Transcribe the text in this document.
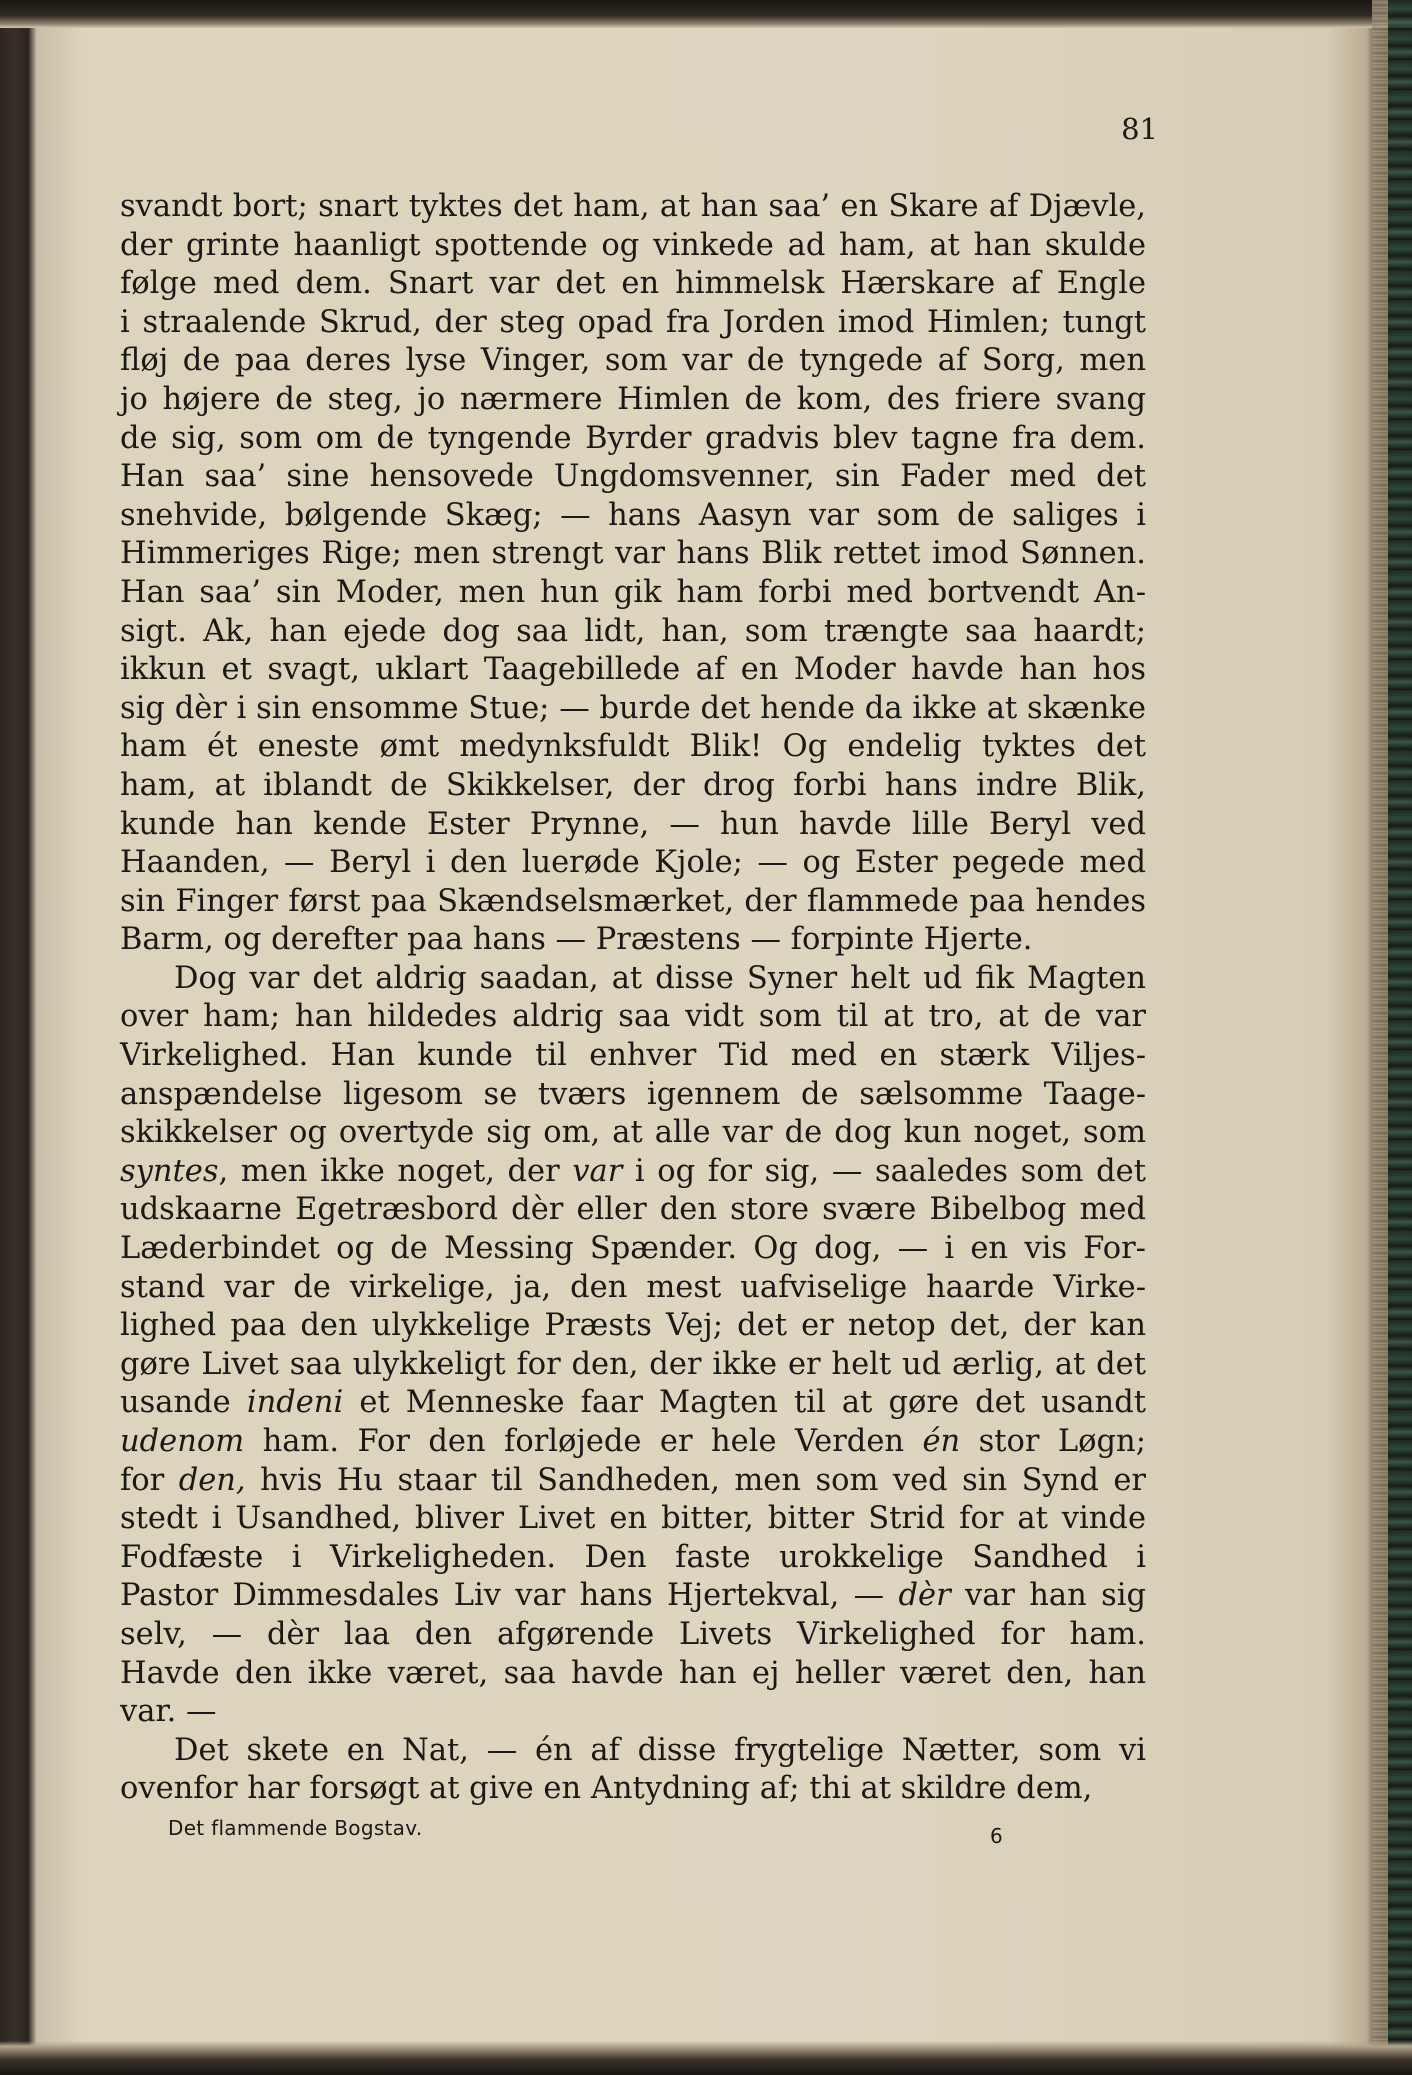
81
svandt bort; snart tyktes det ham, at han saa’ en Skare af Djævle,
der grinte haanligt spottende og vinkede ad ham, at han skulde
følge med dem. Snart var det en himmelsk Hærskare af Engle
i straalende Skrud, der steg opad fra Jorden imod Himlen; tungt
fløj de paa deres lyse Vinger, som var de tyngede af Sorg, men
jo højere de steg, jo nærmere Himlen de kom, des friere svang
de sig, som om de tyngende Byrder gradvis blev tagne fra dem.
Han saa’ sine hensovede Ungdomsvenner, sin Fader med det
snehvide, bølgende Skæg; — hans Aasyn var som de saliges i
Himmeriges Rige; men strengt var hans Blik rettet imod Sønnen.
Han saa’ sin Moder, men hun gik ham forbi med bortvendt An-
sigt. Ak, han ejede dog saa lidt, han, som trængte saa haardt;
ikkun et svagt, uklart Taagebillede af en Moder havde han hos
sig dèr i sin ensomme Stue; — burde det hende da ikke at skænke
ham ét eneste ømt medynksfuldt Blik! Og endelig tyktes det
ham, at iblandt de Skikkelser, der drog forbi hans indre Blik,
kunde han kende Ester Prynne, — hun havde lille Beryl ved
Haanden, — Beryl i den luerøde Kjole; — og Ester pegede med
sin Finger først paa Skændselsmærket, der flammede paa hendes
Barm, og derefter paa hans — Præstens — forpinte Hjerte.
Dog var det aldrig saadan, at disse Syner helt ud fik Magten
over ham; han hildedes aldrig saa vidt som til at tro, at de var
Virkelighed. Han kunde til enhver Tid med en stærk Viljes-
anspændelse ligesom se tværs igennem de sælsomme Taage-
skikkelser og overtyde sig om, at alle var de dog kun noget, som
syntes, men ikke noget, der var i og for sig, — saaledes som det
udskaarne Egetræsbord dèr eller den store svære Bibelbog med
Læderbindet og de Messing Spænder. Og dog, — i en vis For-
stand var de virkelige, ja, den mest uafviselige haarde Virke-
lighed paa den ulykkelige Præsts Vej; det er netop det, der kan
gøre Livet saa ulykkeligt for den, der ikke er helt ud ærlig, at det
usande indeni et Menneske faar Magten til at gøre det usandt
udenom ham. For den forløjede er hele Verden én stor Løgn;
for den, hvis Hu staar til Sandheden, men som ved sin Synd er
stedt i Usandhed, bliver Livet en bitter, bitter Strid for at vinde
Fodfæste i Virkeligheden. Den faste urokkelige Sandhed i
Pastor Dimmesdales Liv var hans Hjertekval, — dèr var han sig
selv, — dèr laa den afgørende Livets Virkelighed for ham.
Havde den ikke været, saa havde han ej heller været den, han
var. —
Det skete en Nat, — én af disse frygtelige Nætter, som vi
ovenfor har forsøgt at give en Antydning af; thi at skildre dem,
Det flammende Bogstav.	6
